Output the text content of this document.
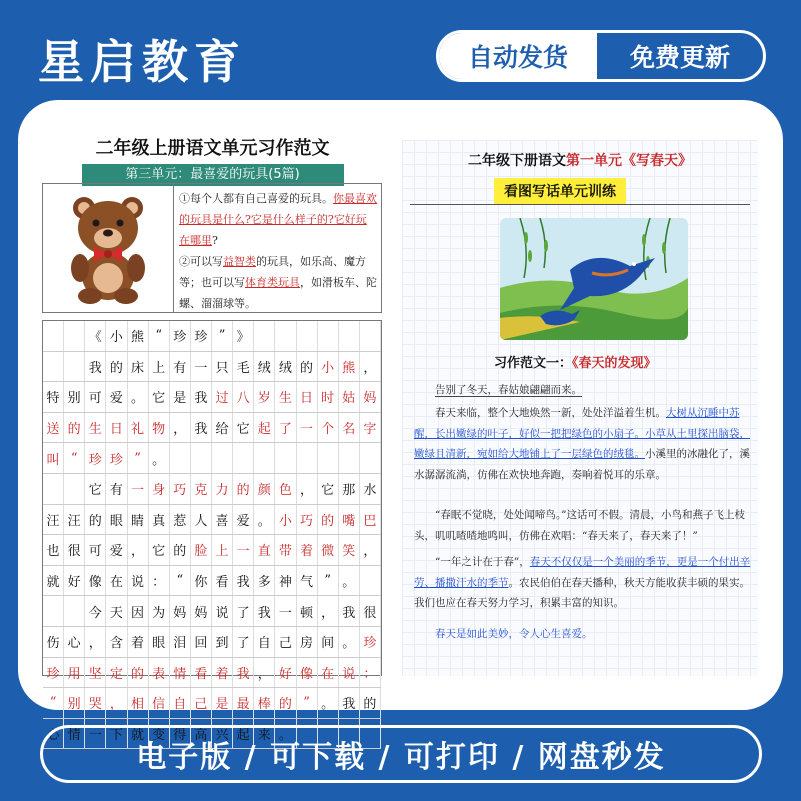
星启教育	自动发货	免费更新
二年级上册语文单元习作范文
第三单元：最喜爱的玩具(5篇)
①每个人都有自己喜爱的玩具。你最喜欢的玩具是什么?它是什么样子的?它好玩在哪里?
②可以写益智类的玩具，如乐高、魔方等；也可以写体育类玩具，如滑板车、陀螺、溜溜球等。
《 小 熊 “ 珍 珍 ” 》
我 的 床 上 有 一 只 毛 绒 绒 的 小 熊 ，
特 别 可 爱 。 它 是 我 过 八 岁 生 日 时 姑 妈
送 的 生 日 礼 物 ， 我 给 它 起 了 一 个 名 字
叫 “ 珍 珍 ” 。
它 有 一 身 巧 克 力 的 颜 色 ， 它 那 水
汪 汪 的 眼 睛 真 惹 人 喜 爱 。 小 巧 的 嘴 巴
也 很 可 爱 ， 它 的 脸 上 一 直 带 着 微 笑 ，
就 好 像 在 说 ： “ 你 看 我 多 神 气 ” 。
今 天 因 为 妈 妈 说 了 我 一 顿 ， 我 很
伤 心 ， 含 着 眼 泪 回 到 了 自 己 房 间 。 珍
珍 用 坚 定 的 表 情 看 着 我 ， 好 像 在 说 ：
“ 别 哭 ， 相 信 自 己 是 最 棒 的 ” 。 我 的
心 情 一 下 就 变 得 高 兴 起 来 。
二年级下册语文第一单元《写春天》
看图写话单元训练
习作范文一：《春天的发现》
告别了冬天，春姑娘翩翩而来。
春天来临，整个大地焕然一新，处处洋溢着生机。大树从沉睡中苏醒，长出嫩绿的叶子，好似一把把绿色的小扇子。小草从土里探出脑袋，嫩绿且清新，宛如给大地铺上了一层绿色的绒毯。小溪里的冰融化了，溪水潺潺流淌，仿佛在欢快地奔跑，奏响着悦耳的乐章。
“春眠不觉晓，处处闻啼鸟。”这话可不假。清晨，小鸟和燕子飞上枝头，叽叽喳喳地鸣叫，仿佛在欢唱：“春天来了，春天来了！”
“一年之计在于春”，春天不仅仅是一个美丽的季节，更是一个付出辛劳、播撒汗水的季节。农民伯伯在春天播种，秋天方能收获丰硕的果实。我们也应在春天努力学习，积累丰富的知识。
春天是如此美妙，令人心生喜爱。
电子版 / 可下载 / 可打印 / 网盘秒发
